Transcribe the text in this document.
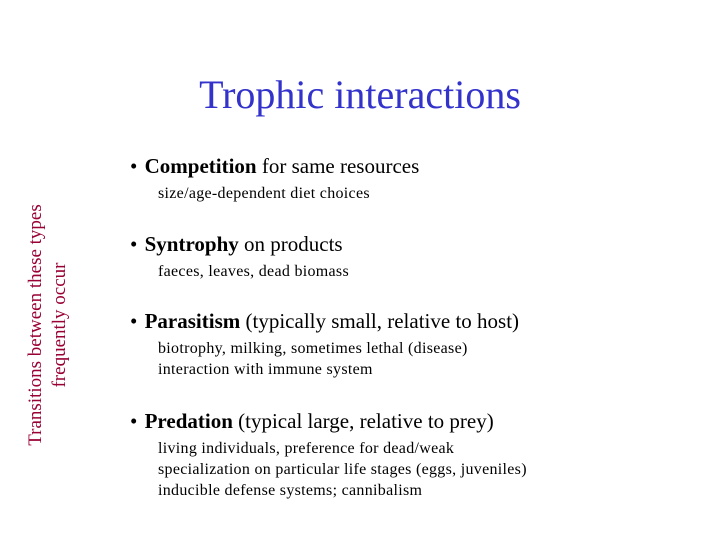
Trophic interactions
Transitions between these types frequently occur
• Competition for same resources
size/age-dependent diet choices
• Syntrophy on products
faeces, leaves, dead biomass
• Parasitism (typically small, relative to host)
biotrophy, milking, sometimes lethal (disease)
interaction with immune system
• Predation (typical large, relative to prey)
living individuals, preference for dead/weak
specialization on particular life stages (eggs, juveniles)
inducible defense systems; cannibalism
